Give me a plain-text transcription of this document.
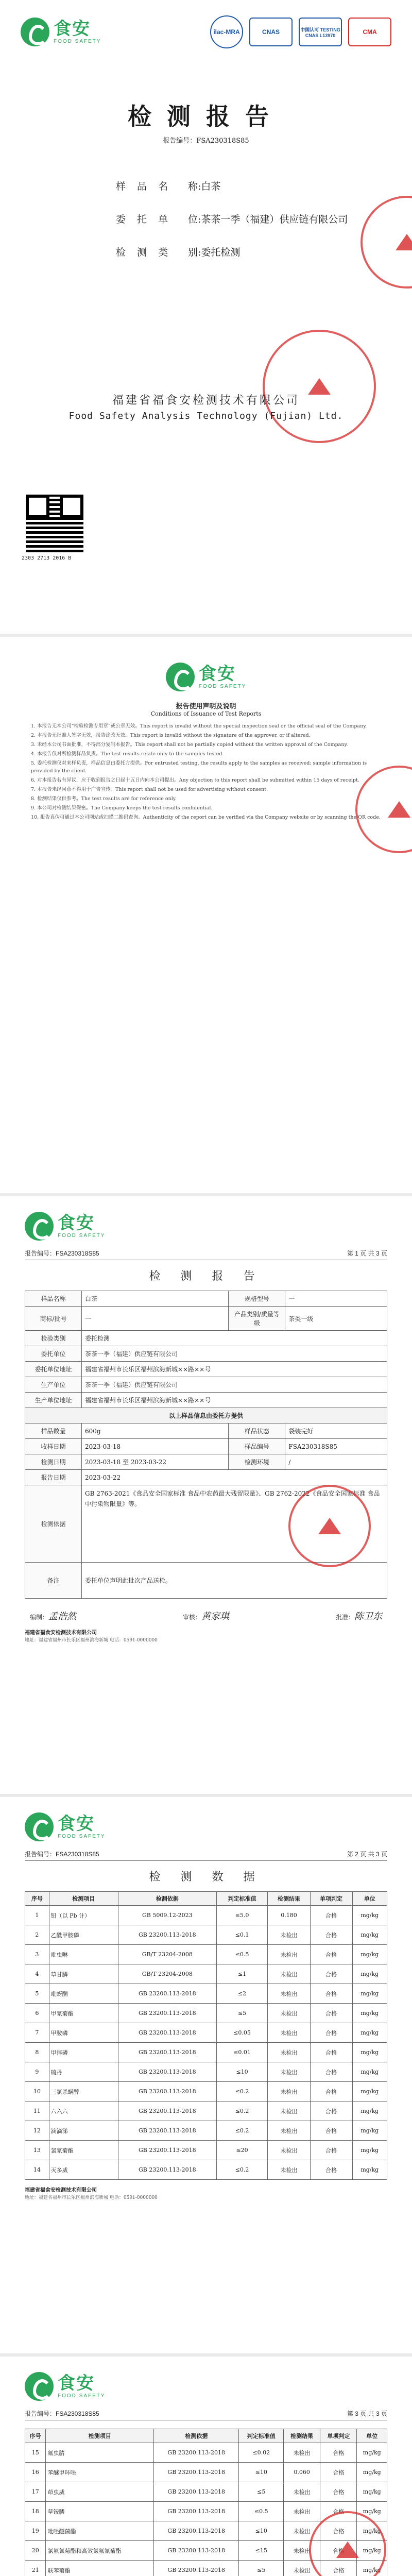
食安
FOOD SAFETY
ilac-MRA	CNAS	中国认可 TESTING CNAS L13970	CMA
检测报告
报告编号：FSA230318S85
样 品 名 称:白茶
委 托 单 位:茶茶一季（福建）供应链有限公司
检 测 类 别:委托检测
福建省福食安检测技术有限公司
Food Safety Analysis Technology (Fujian) Ltd.
2303 2713 2016 B
食安
FOOD SAFETY
报告使用声明及说明
Conditions of Issuance of Test Reports

1. 本报告无本公司“检验检测专用章”或公章无效。This report is invalid without the special inspection seal or the official seal of the Company.

2. 本报告无批准人签字无效，报告涂改无效。This report is invalid without the signature of the approver, or if altered.

3. 未经本公司书面批准，不得部分复制本报告。This report shall not be partially copied without the written approval of the Company.

4. 本报告仅对所检测样品负责。The test results relate only to the samples tested.

5. 委托检测仅对来样负责，样品信息由委托方提供。For entrusted testing, the results apply to the samples as received; sample information is provided by the client.

6. 对本报告若有异议，应于收到报告之日起十五日内向本公司提出。Any objection to this report shall be submitted within 15 days of receipt.

7. 本报告未经同意不得用于广告宣传。This report shall not be used for advertising without consent.

8. 检测结果仅供参考。The test results are for reference only.

9. 本公司对检测结果保密。The Company keeps the test results confidential.

10. 报告真伪可通过本公司网站或扫描二维码查询。Authenticity of the report can be verified via the Company website or by scanning the QR code.

食安
FOOD SAFETY
报告编号：FSA230318S85	第 1 页 共 3 页
检 测 报 告
样品名称	白茶	规格型号	一
商标/批号	一	产品类别/质量等级	茶类一级
检验类别	委托检测		
委托单位	茶茶一季（福建）供应链有限公司		
委托单位地址	福建省福州市长乐区福州滨海新城××路××号		
生产单位	茶茶一季（福建）供应链有限公司		
生产单位地址	福建省福州市长乐区福州滨海新城××路××号		
以上样品信息由委托方提供			
样品数量	600g	样品状态	袋装完好
收样日期	2023-03-18	样品编号	FSA230318S85
检测日期	2023-03-18 至 2023-03-22	检测环境	/
报告日期	2023-03-22		
检测依据	GB 2763-2021《食品安全国家标准 食品中农药最大残留限量》、GB 2762-2022《食品安全国家标准 食品中污染物限量》等。		
备注	委托单位声明此批次产品送检。		
编制：孟浩然	审核：黄家琪	批准：陈卫东
福建省福食安检测技术有限公司
地址：福建省福州市长乐区福州滨海新城 电话：0591-0000000
食安
FOOD SAFETY
报告编号：FSA230318S85	第 2 页 共 3 页
检 测 数 据
序号	检测项目	检测依据	判定标准值	检测结果	单项判定	单位
1	铅（以 Pb 计）	GB 5009.12-2023	≤5.0	0.180	合格	mg/kg
2	乙酰甲胺磷	GB 23200.113-2018	≤0.1	未检出	合格	mg/kg
3	吡虫啉	GB/T 23204-2008	≤0.5	未检出	合格	mg/kg
4	草甘膦	GB/T 23204-2008	≤1	未检出	合格	mg/kg
5	吡蚜酮	GB 23200.113-2018	≤2	未检出	合格	mg/kg
6	甲氰菊酯	GB 23200.113-2018	≤5	未检出	合格	mg/kg
7	甲胺磷	GB 23200.113-2018	≤0.05	未检出	合格	mg/kg
8	甲拌磷	GB 23200.113-2018	≤0.01	未检出	合格	mg/kg
9	硫丹	GB 23200.113-2018	≤10	未检出	合格	mg/kg
10	三氯杀螨醇	GB 23200.113-2018	≤0.2	未检出	合格	mg/kg
11	六六六	GB 23200.113-2018	≤0.2	未检出	合格	mg/kg
12	滴滴涕	GB 23200.113-2018	≤0.2	未检出	合格	mg/kg
13	氯氰菊酯	GB 23200.113-2018	≤20	未检出	合格	mg/kg
14	灭多威	GB 23200.113-2018	≤0.2	未检出	合格	mg/kg
福建省福食安检测技术有限公司
地址：福建省福州市长乐区福州滨海新城 电话：0591-0000000
食安
FOOD SAFETY
报告编号：FSA230318S85	第 3 页 共 3 页
序号	检测项目	检测依据	判定标准值	检测结果	单项判定	单位
15	氟虫腈	GB 23200.113-2018	≤0.02	未检出	合格	mg/kg
16	苯醚甲环唑	GB 23200.113-2018	≤10	0.060	合格	mg/kg
17	茚虫威	GB 23200.113-2018	≤5	未检出	合格	mg/kg
18	草铵膦	GB 23200.113-2018	≤0.5	未检出	合格	mg/kg
19	吡唑醚菌酯	GB 23200.113-2018	≤10	未检出	合格	mg/kg
20	氯氟氰菊酯和高效氯氟氰菊酯	GB 23200.113-2018	≤15	未检出	合格	mg/kg
21	联苯菊酯	GB 23200.113-2018	≤5	未检出	合格	mg/kg
